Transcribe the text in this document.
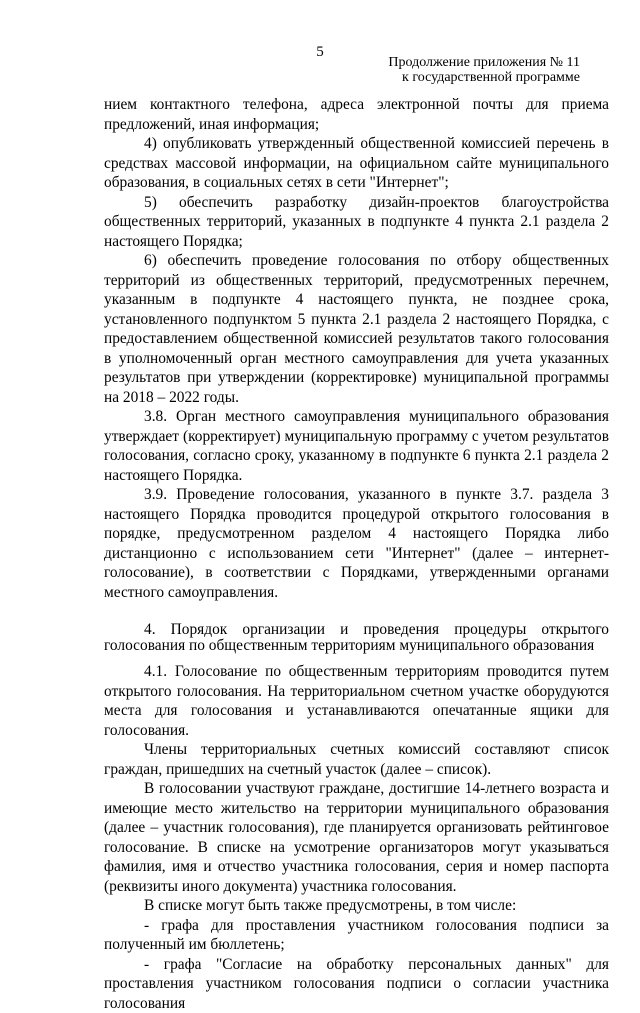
5
Продолжение приложения № 11
к государственной программе

нием контактного телефона, адреса электронной почты для приема предложений, иная информация;

4) опубликовать утвержденный общественной комиссией перечень в средствах массовой информации, на официальном сайте муниципального образования, в социальных сетях в сети "Интернет";

5) обеспечить разработку дизайн-проектов благоустройства общественных территорий, указанных в подпункте 4 пункта 2.1 раздела 2 настоящего Порядка;

6) обеспечить проведение голосования по отбору общественных территорий из общественных территорий, предусмотренных перечнем, указанным в подпункте 4 настоящего пункта, не позднее срока, установленного подпунктом 5 пункта 2.1 раздела 2 настоящего Порядка, с предоставлением общественной комиссией результатов такого голосования в уполномоченный орган местного самоуправления для учета указанных результатов при утверждении (корректировке) муниципальной программы на 2018 – 2022 годы.

3.8. Орган местного самоуправления муниципального образования утверждает (корректирует) муниципальную программу с учетом результатов голосования, согласно сроку, указанному в подпункте 6 пункта 2.1 раздела 2 настоящего Порядка.

3.9. Проведение голосования, указанного в пункте 3.7. раздела 3 настоящего Порядка проводится процедурой открытого голосования в порядке, предусмотренном разделом 4 настоящего Порядка либо дистанционно с использованием сети "Интернет" (далее – интернет-голосование), в соответствии с Порядками, утвержденными органами местного самоуправления.

4. Порядок организации и проведения процедуры открытого голосования по общественным территориям муниципального образования

4.1. Голосование по общественным территориям проводится путем открытого голосования. На территориальном счетном участке оборудуются места для голосования и устанавливаются опечатанные ящики для голосования.

Члены территориальных счетных комиссий составляют список граждан, пришедших на счетный участок (далее – список).

В голосовании участвуют граждане, достигшие 14-летнего возраста и имеющие место жительство на территории муниципального образования (далее – участник голосования), где планируется организовать рейтинговое голосование. В списке на усмотрение организаторов могут указываться фамилия, имя и отчество участника голосования, серия и номер паспорта (реквизиты иного документа) участника голосования.

В списке могут быть также предусмотрены, в том числе:

- графа для проставления участником голосования подписи за полученный им бюллетень;

- графа "Согласие на обработку персональных данных" для проставления участником голосования подписи о согласии участника голосования
